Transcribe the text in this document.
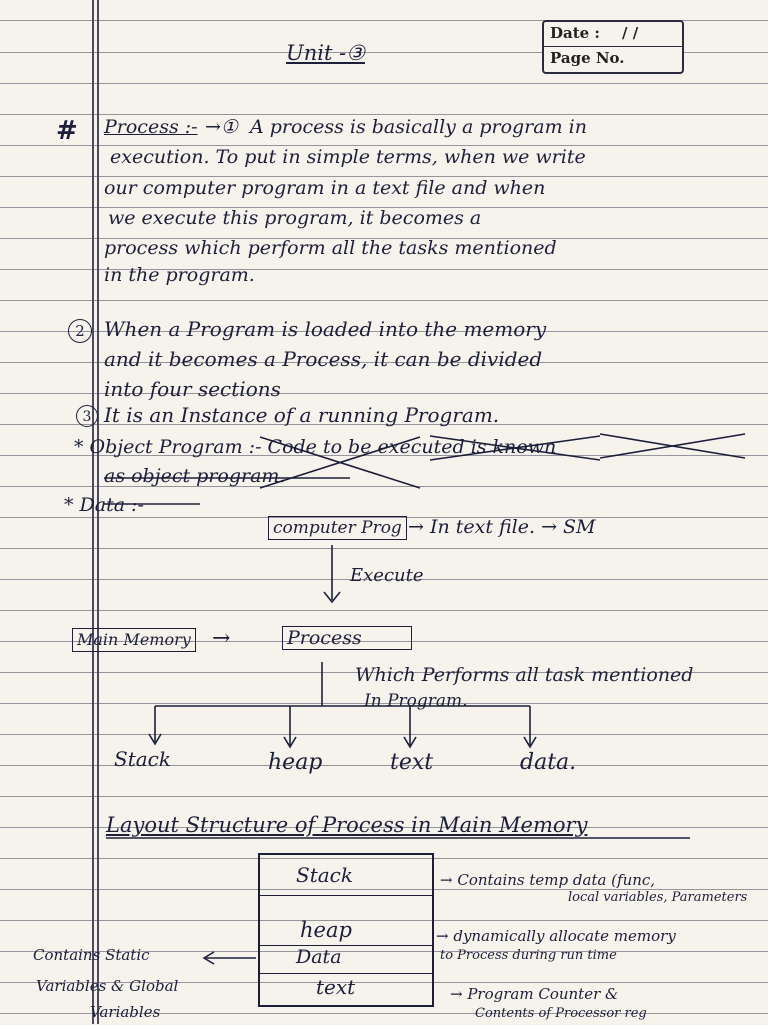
Date : / /
Page No.
Unit -③
# Process :- →① A process is basically a program in
execution. To put in simple terms, when we write
our computer program in a text file and when
we execute this program, it becomes a
process which perform all the tasks mentioned
in the program.
2 When a Program is loaded into the memory
and it becomes a Process, it can be divided
into four sections
3 It is an Instance of a running Program.
* Object Program :- Code to be executed is known
as object program.
* Data :-
computer Prog → In text file. → SM
Execute
Main Memory →	Process
Which Performs all task mentioned
In Program.
Stack	heap	text	data.
Layout Structure of Process in Main Memory
Stack
heap
Data
text
→ Contains temp data (func,
local variables, Parameters
→ dynamically allocate memory
to Process during run time
Contains Static
Variables & Global
Variables
→ Program Counter &
Contents of Processor reg
